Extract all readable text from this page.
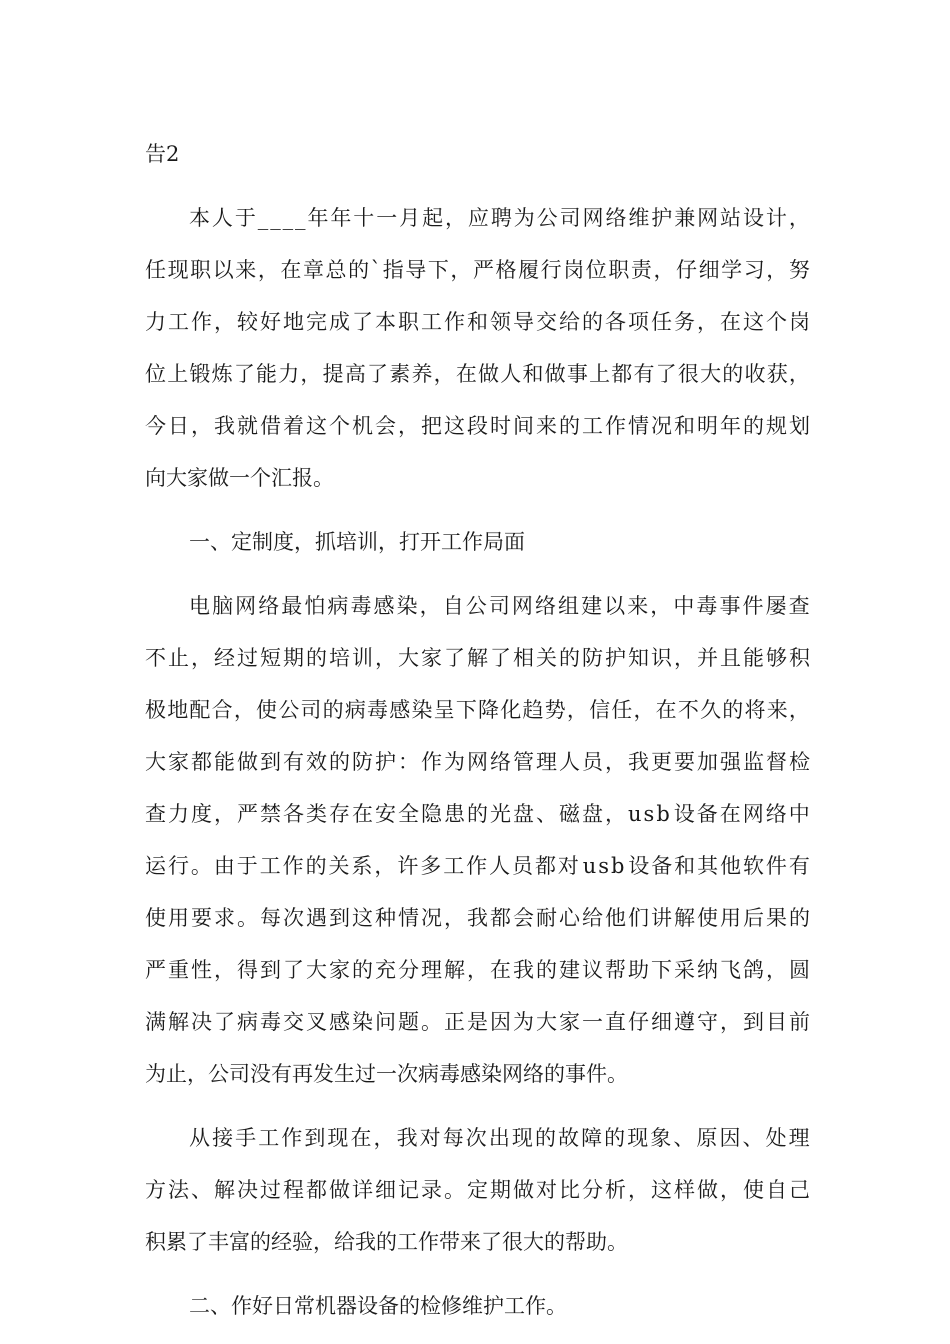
告2
本 人 于 _ _ _ _ 年 年 十 一 月 起 ， 应 聘 为 公 司 网 络 维 护 兼 网 站 设 计 ，
任 现 职 以 来 ， 在 章 总 的 ` 指 导 下 ， 严 格 履 行 岗 位 职 责 ， 仔 细 学 习 ， 努
力 工 作 ， 较 好 地 完 成 了 本 职 工 作 和 领 导 交 给 的 各 项 任 务 ， 在 这 个 岗
位 上 锻 炼 了 能 力 ， 提 高 了 素 养 ， 在 做 人 和 做 事 上 都 有 了 很 大 的 收 获 ，
今 日 ， 我 就 借 着 这 个 机 会 ， 把 这 段 时 间 来 的 工 作 情 况 和 明 年 的 规 划
向大家做一个汇报。
一、定制度，抓培训，打开工作局面
电 脑 网 络 最 怕 病 毒 感 染 ， 自 公 司 网 络 组 建 以 来 ， 中 毒 事 件 屡 查
不 止 ， 经 过 短 期 的 培 训 ， 大 家 了 解 了 相 关 的 防 护 知 识 ， 并 且 能 够 积
极 地 配 合 ， 使 公 司 的 病 毒 感 染 呈 下 降 化 趋 势 ， 信 任 ， 在 不 久 的 将 来 ，
大 家 都 能 做 到 有 效 的 防 护 ： 作 为 网 络 管 理 人 员 ， 我 更 要 加 强 监 督 检
查 力 度 ， 严 禁 各 类 存 在 安 全 隐 患 的 光 盘 、 磁 盘 ， u s b 设 备 在 网 络 中
运 行 。 由 于 工 作 的 关 系 ， 许 多 工 作 人 员 都 对 u s b 设 备 和 其 他 软 件 有
使 用 要 求 。 每 次 遇 到 这 种 情 况 ， 我 都 会 耐 心 给 他 们 讲 解 使 用 后 果 的
严 重 性 ， 得 到 了 大 家 的 充 分 理 解 ， 在 我 的 建 议 帮 助 下 采 纳 飞 鸽 ， 圆
满 解 决 了 病 毒 交 叉 感 染 问 题 。 正 是 因 为 大 家 一 直 仔 细 遵 守 ， 到 目 前
为止，公司没有再发生过一次病毒感染网络的事件。
从 接 手 工 作 到 现 在 ， 我 对 每 次 出 现 的 故 障 的 现 象 、 原 因 、 处 理
方 法 、 解 决 过 程 都 做 详 细 记 录 。 定 期 做 对 比 分 析 ， 这 样 做 ， 使 自 己
积累了丰富的经验，给我的工作带来了很大的帮助。
二、作好日常机器设备的检修维护工作。
